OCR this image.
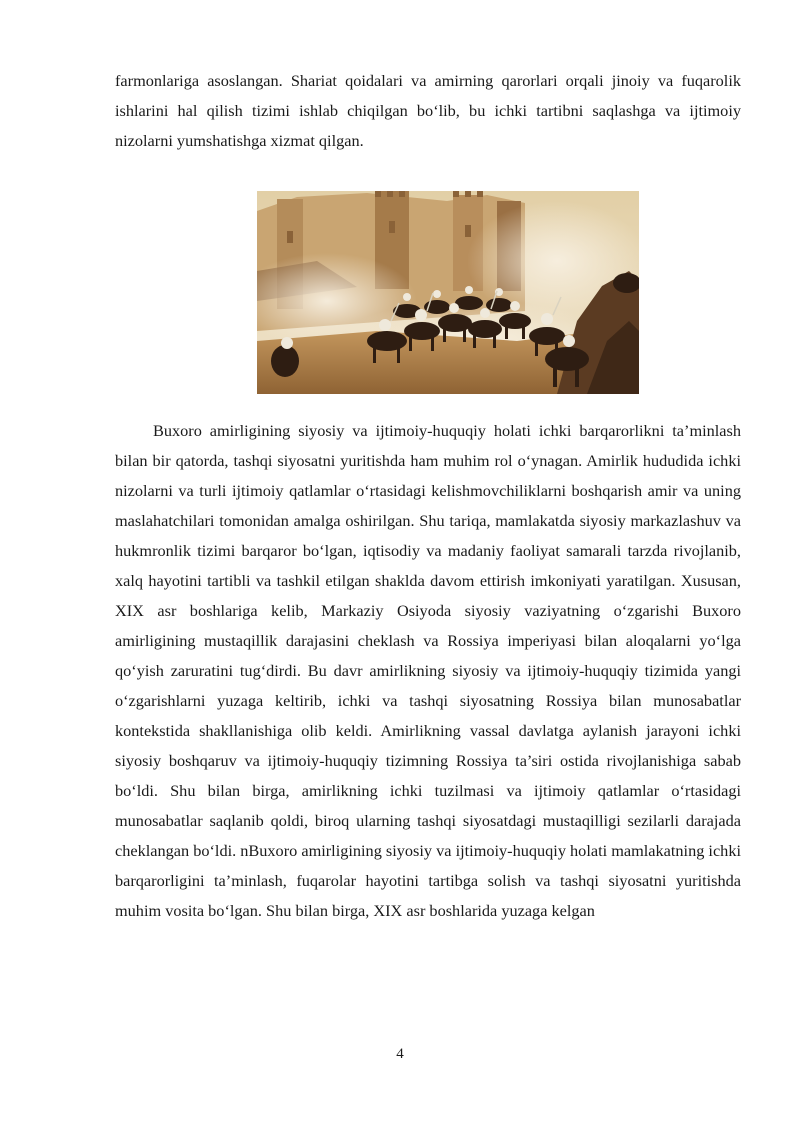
farmonlariga asoslangan. Shariat qoidalari va amirning qarorlari orqali jinoiy va fuqarolik ishlarini hal qilish tizimi ishlab chiqilgan bo‘lib, bu ichki tartibni saqlashga va ijtimoiy nizolarni yumshatishga xizmat qilgan.

Buxoro amirligining siyosiy va ijtimoiy-huquqiy holati ichki barqarorlikni ta’minlash bilan bir qatorda, tashqi siyosatni yuritishda ham muhim rol o‘ynagan. Amirlik hududida ichki nizolarni va turli ijtimoiy qatlamlar o‘rtasidagi kelishmovchiliklarni boshqarish amir va uning maslahatchilari tomonidan amalga oshirilgan. Shu tariqa, mamlakatda siyosiy markazlashuv va hukmronlik tizimi barqaror bo‘lgan, iqtisodiy va madaniy faoliyat samarali tarzda rivojlanib, xalq hayotini tartibli va tashkil etilgan shaklda davom ettirish imkoniyati yaratilgan. Xususan, XIX asr boshlariga kelib, Markaziy Osiyoda siyosiy vaziyatning o‘zgarishi Buxoro amirligining mustaqillik darajasini cheklash va Rossiya imperiyasi bilan aloqalarni yo‘lga qo‘yish zaruratini tug‘dirdi. Bu davr amirlikning siyosiy va ijtimoiy-huquqiy tizimida yangi o‘zgarishlarni yuzaga keltirib, ichki va tashqi siyosatning Rossiya bilan munosabatlar kontekstida shakllanishiga olib keldi. Amirlikning vassal davlatga aylanish jarayoni ichki siyosiy boshqaruv va ijtimoiy-huquqiy tizimning Rossiya ta’siri ostida rivojlanishiga sabab bo‘ldi. Shu bilan birga, amirlikning ichki tuzilmasi va ijtimoiy qatlamlar o‘rtasidagi munosabatlar saqlanib qoldi, biroq ularning tashqi siyosatdagi mustaqilligi sezilarli darajada cheklangan bo‘ldi. nBuxoro amirligining siyosiy va ijtimoiy-huquqiy holati mamlakatning ichki barqarorligini ta’minlash, fuqarolar hayotini tartibga solish va tashqi siyosatni yuritishda muhim vosita bo‘lgan. Shu bilan birga, XIX asr boshlarida yuzaga kelgan

4
